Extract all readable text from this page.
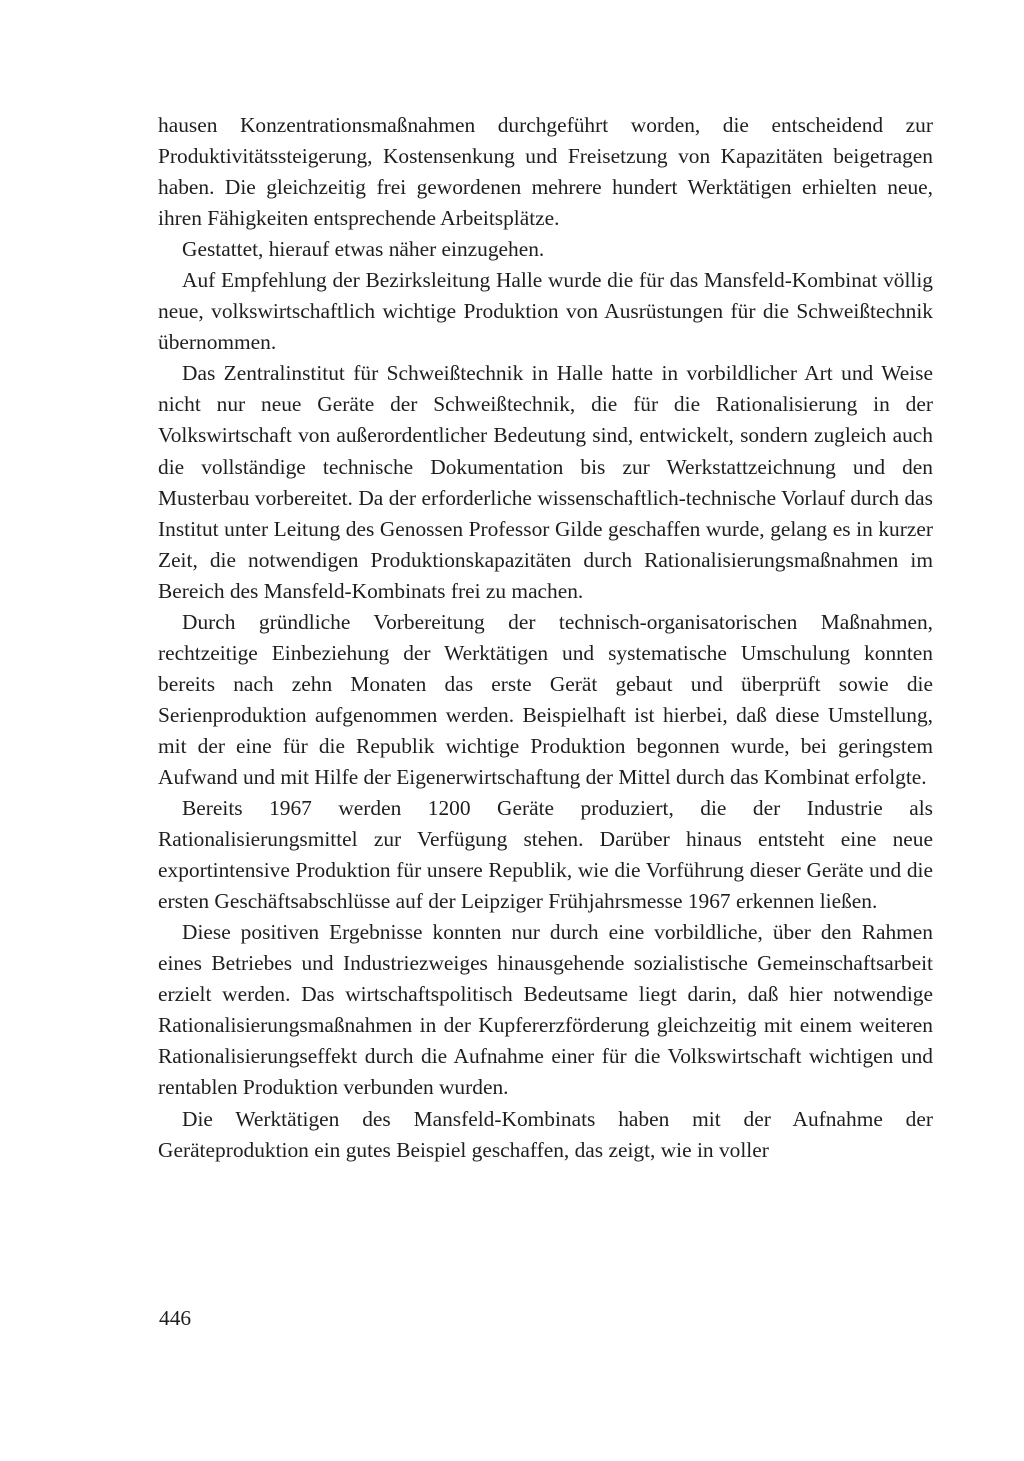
hausen Konzentrationsmaßnahmen durchgeführt worden, die entscheidend zur Produktivitätssteigerung, Kostensenkung und Freisetzung von Kapazitäten beigetragen haben. Die gleichzeitig frei gewordenen mehrere hundert Werktätigen erhielten neue, ihren Fähigkeiten entsprechende Arbeitsplätze.

Gestattet, hierauf etwas näher einzugehen.

Auf Empfehlung der Bezirksleitung Halle wurde die für das Mansfeld-Kombinat völlig neue, volkswirtschaftlich wichtige Produktion von Ausrüstungen für die Schweißtechnik übernommen.

Das Zentralinstitut für Schweißtechnik in Halle hatte in vorbildlicher Art und Weise nicht nur neue Geräte der Schweißtechnik, die für die Rationalisierung in der Volkswirtschaft von außerordentlicher Bedeutung sind, entwickelt, sondern zugleich auch die vollständige technische Dokumentation bis zur Werkstattzeichnung und den Musterbau vorbereitet. Da der erforderliche wissenschaftlich-technische Vorlauf durch das Institut unter Leitung des Genossen Professor Gilde geschaffen wurde, gelang es in kurzer Zeit, die notwendigen Produktionskapazitäten durch Rationalisierungsmaßnahmen im Bereich des Mansfeld-Kombinats frei zu machen.

Durch gründliche Vorbereitung der technisch-organisatorischen Maßnahmen, rechtzeitige Einbeziehung der Werktätigen und systematische Umschulung konnten bereits nach zehn Monaten das erste Gerät gebaut und überprüft sowie die Serienproduktion aufgenommen werden. Beispielhaft ist hierbei, daß diese Umstellung, mit der eine für die Republik wichtige Produktion begonnen wurde, bei geringstem Aufwand und mit Hilfe der Eigenerwirtschaftung der Mittel durch das Kombinat erfolgte.

Bereits 1967 werden 1200 Geräte produziert, die der Industrie als Rationalisierungsmittel zur Verfügung stehen. Darüber hinaus entsteht eine neue exportintensive Produktion für unsere Republik, wie die Vorführung dieser Geräte und die ersten Geschäftsabschlüsse auf der Leipziger Frühjahrsmesse 1967 erkennen ließen.

Diese positiven Ergebnisse konnten nur durch eine vorbildliche, über den Rahmen eines Betriebes und Industriezweiges hinausgehende sozialistische Gemeinschaftsarbeit erzielt werden. Das wirtschaftspolitisch Bedeutsame liegt darin, daß hier notwendige Rationalisierungsmaßnahmen in der Kupfererzförderung gleichzeitig mit einem weiteren Rationalisierungseffekt durch die Aufnahme einer für die Volkswirtschaft wichtigen und rentablen Produktion verbunden wurden.

Die Werktätigen des Mansfeld-Kombinats haben mit der Aufnahme der Geräteproduktion ein gutes Beispiel geschaffen, das zeigt, wie in voller

446
